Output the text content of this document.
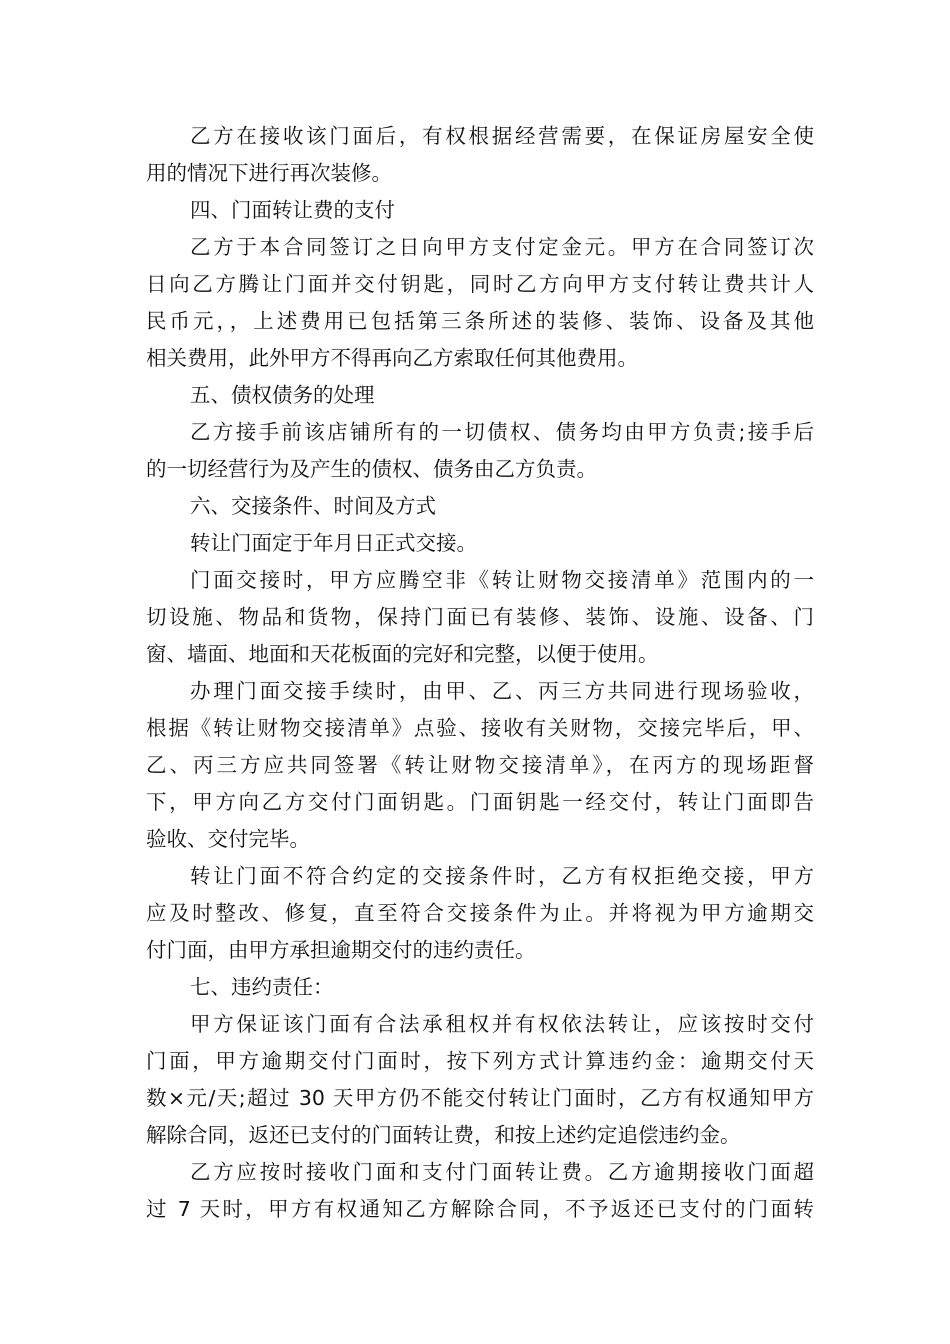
乙方在接收该门面后，有权根据经营需要，在保证房屋安全使
用的情况下进行再次装修。
四、门面转让费的支付
乙方于本合同签订之日向甲方支付定金元。甲方在合同签订次
日向乙方腾让门面并交付钥匙，同时乙方向甲方支付转让费共计人
民币元，，上述费用已包括第三条所述的装修、装饰、设备及其他
相关费用，此外甲方不得再向乙方索取任何其他费用。
五、债权债务的处理
乙方接手前该店铺所有的一切债权、债务均由甲方负责;接手后
的一切经营行为及产生的债权、债务由乙方负责。
六、交接条件、时间及方式
转让门面定于年月日正式交接。
门面交接时，甲方应腾空非《转让财物交接清单》范围内的一
切设施、物品和货物，保持门面已有装修、装饰、设施、设备、门
窗、墙面、地面和天花板面的完好和完整，以便于使用。
办理门面交接手续时，由甲、乙、丙三方共同进行现场验收，
根据《转让财物交接清单》点验、接收有关财物，交接完毕后，甲、
乙、丙三方应共同签署《转让财物交接清单》，在丙方的现场距督
下，甲方向乙方交付门面钥匙。门面钥匙一经交付，转让门面即告
验收、交付完毕。
转让门面不符合约定的交接条件时，乙方有权拒绝交接，甲方
应及时整改、修复，直至符合交接条件为止。并将视为甲方逾期交
付门面，由甲方承担逾期交付的违约责任。
七、违约责任：
甲方保证该门面有合法承租权并有权依法转让，应该按时交付
门面，甲方逾期交付门面时，按下列方式计算违约金：逾期交付天
数×元/天;超过 30 天甲方仍不能交付转让门面时，乙方有权通知甲方
解除合同，返还已支付的门面转让费，和按上述约定追偿违约金。
乙方应按时接收门面和支付门面转让费。乙方逾期接收门面超
过 7 天时，甲方有权通知乙方解除合同，不予返还已支付的门面转
